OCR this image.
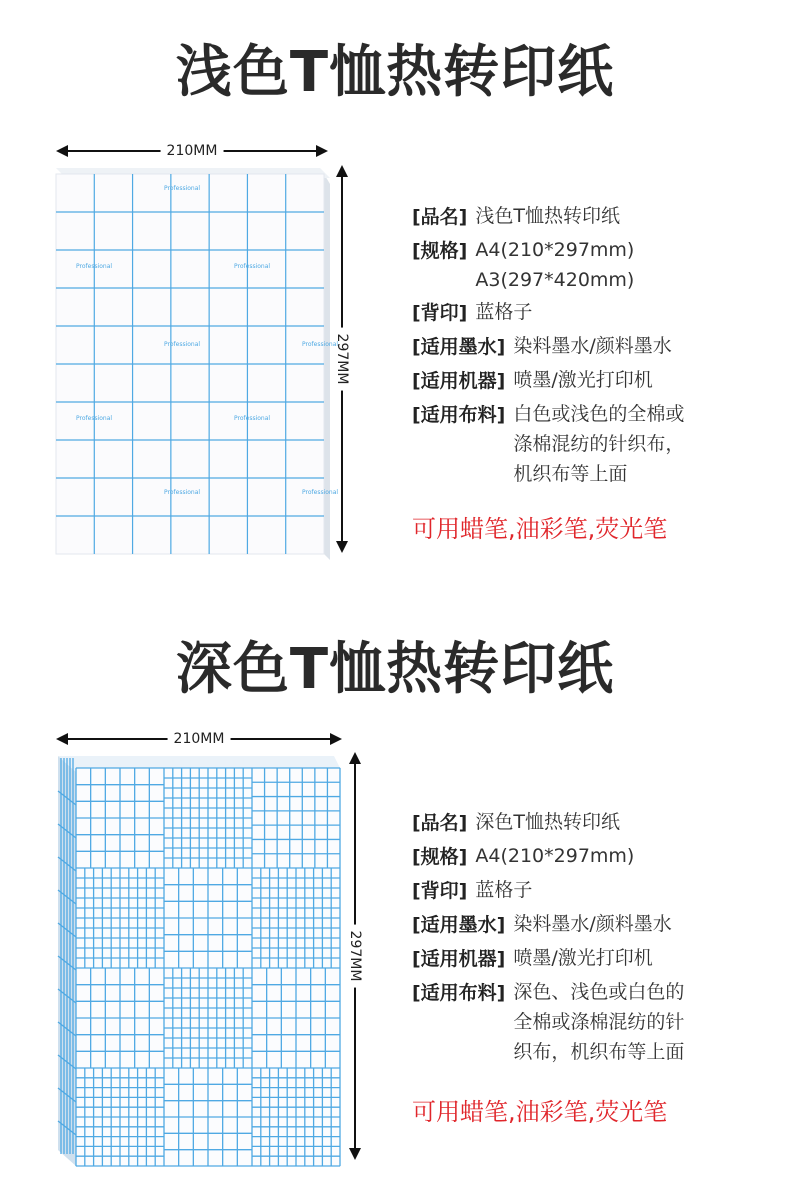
浅色T恤热转印纸
210MM
297MM
Professional
Professional	Professional
Professional
Professional	Professional
Professional
Professional
Professional
[品名] 浅色T恤热转印纸
[规格] A4(210*297mm)
A3(297*420mm)
[背印] 蓝格子
[适用墨水] 染料墨水/颜料墨水
[适用机器] 喷墨/激光打印机
[适用布料] 白色或浅色的全棉或
涤棉混纺的针织布，
机织布等上面
可用蜡笔,油彩笔,荧光笔
深色T恤热转印纸
210MM
297MM
[品名] 深色T恤热转印纸
[规格] A4(210*297mm)
[背印] 蓝格子
[适用墨水] 染料墨水/颜料墨水
[适用机器] 喷墨/激光打印机
[适用布料] 深色、浅色或白色的
全棉或涤棉混纺的针
织布，机织布等上面
可用蜡笔,油彩笔,荧光笔
